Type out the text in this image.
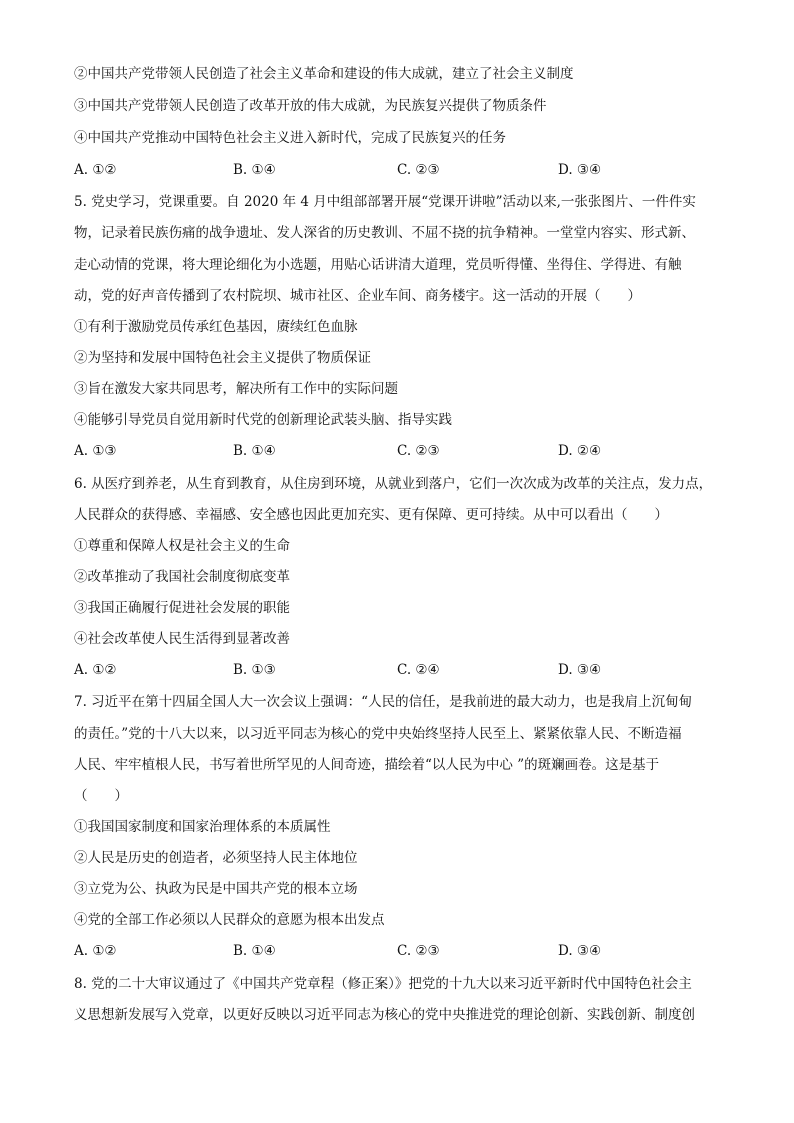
②中国共产党带领人民创造了社会主义革命和建设的伟大成就，建立了社会主义制度
③中国共产党带领人民创造了改革开放的伟大成就，为民族复兴提供了物质条件
④中国共产党推动中国特色社会主义进入新时代，完成了民族复兴的任务
A. ①②	B. ①④	C. ②③	D. ③④
5. 党史学习，党课重要。自 2020 年 4 月中组部部署开展“党课开讲啦”活动以来,一张张图片、一件件实
物，记录着民族伤痛的战争遗址、发人深省的历史教训、不屈不挠的抗争精神。一堂堂内容实、形式新、
走心动情的党课，将大理论细化为小选题，用贴心话讲清大道理，党员听得懂、坐得住、学得进、有触
动，党的好声音传播到了农村院坝、城市社区、企业车间、商务楼宇。这一活动的开展（　　）
①有利于激励党员传承红色基因，赓续红色血脉
②为坚持和发展中国特色社会主义提供了物质保证
③旨在激发大家共同思考，解决所有工作中的实际问题
④能够引导党员自觉用新时代党的创新理论武装头脑、指导实践
A. ①③	B. ①④	C. ②③	D. ②④
6. 从医疗到养老，从生育到教育，从住房到环境，从就业到落户，它们一次次成为改革的关注点，发力点，
人民群众的获得感、幸福感、安全感也因此更加充实、更有保障、更可持续。从中可以看出（　　）
①尊重和保障人权是社会主义的生命
②改革推动了我国社会制度彻底变革
③我国正确履行促进社会发展的职能
④社会改革使人民生活得到显著改善
A. ①②	B. ①③	C. ②④	D. ③④
7. 习近平在第十四届全国人大一次会议上强调：“人民的信任，是我前进的最大动力，也是我肩上沉甸甸
的责任。”党的十八大以来，以习近平同志为核心的党中央始终坚持人民至上、紧紧依靠人民、不断造福
人民、牢牢植根人民，书写着世所罕见的人间奇迹，描绘着“以人民为中心 ”的斑斓画卷。这是基于
（　　）
①我国国家制度和国家治理体系的本质属性
②人民是历史的创造者，必须坚持人民主体地位
③立党为公、执政为民是中国共产党的根本立场
④党的全部工作必须以人民群众的意愿为根本出发点
A. ①②	B. ①④	C. ②③	D. ③④
8. 党的二十大审议通过了《中国共产党章程（修正案）》把党的十九大以来习近平新时代中国特色社会主
义思想新发展写入党章，以更好反映以习近平同志为核心的党中央推进党的理论创新、实践创新、制度创
